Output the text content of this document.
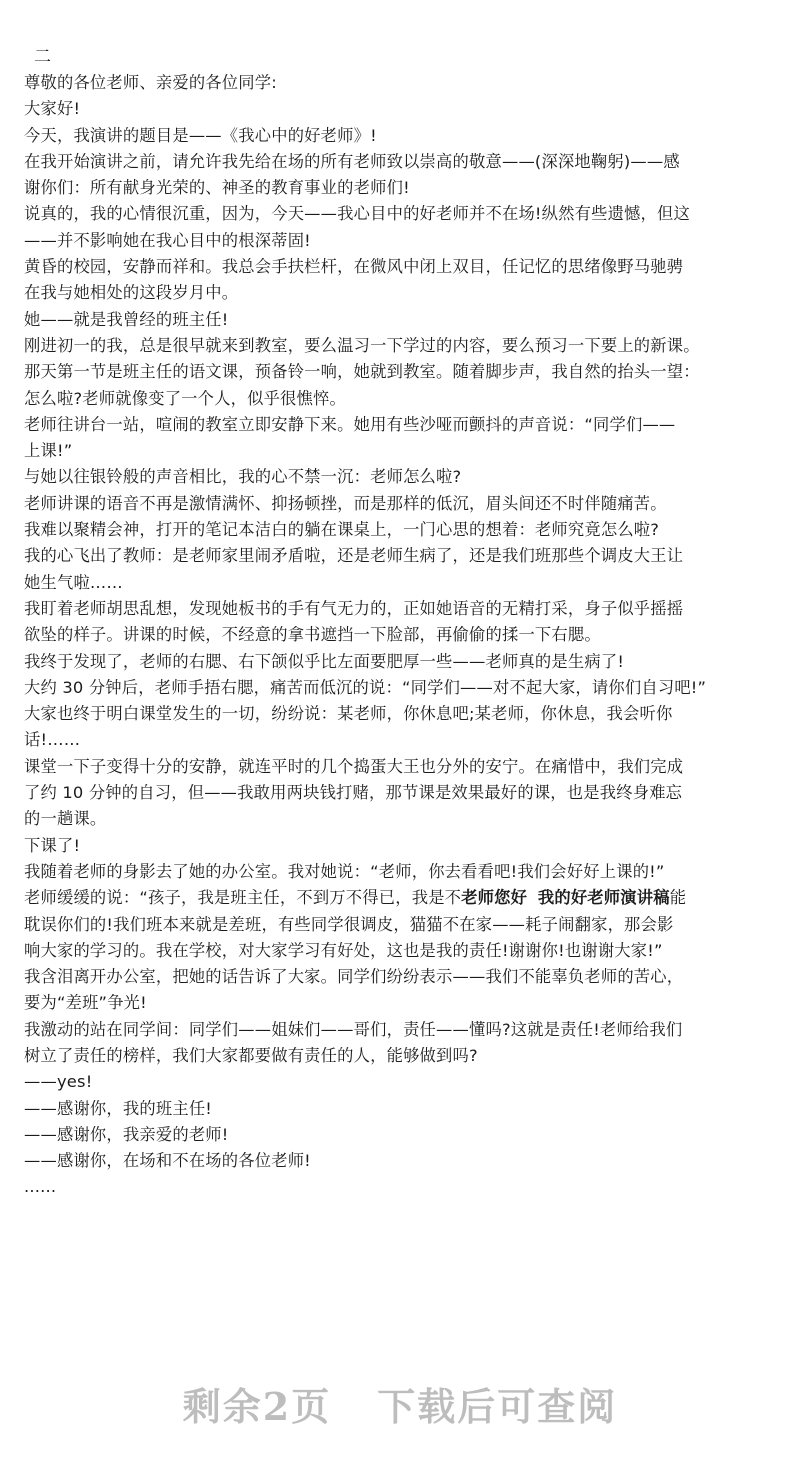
二
尊敬的各位老师、亲爱的各位同学:
大家好!
今天，我演讲的题目是——《我心中的好老师》!
在我开始演讲之前，请允许我先给在场的所有老师致以崇高的敬意——(深深地鞠躬)——感
谢你们：所有献身光荣的、神圣的教育事业的老师们!
说真的，我的心情很沉重，因为，今天——我心目中的好老师并不在场!纵然有些遗憾，但这
——并不影响她在我心目中的根深蒂固!
黄昏的校园，安静而祥和。我总会手扶栏杆，在微风中闭上双目，任记忆的思绪像野马驰骋
在我与她相处的这段岁月中。
她——就是我曾经的班主任!
刚进初一的我，总是很早就来到教室，要么温习一下学过的内容，要么预习一下要上的新课。
那天第一节是班主任的语文课，预备铃一响，她就到教室。随着脚步声，我自然的抬头一望：
怎么啦?老师就像变了一个人，似乎很憔悴。
老师往讲台一站，喧闹的教室立即安静下来。她用有些沙哑而颤抖的声音说：“同学们——
上课!”
与她以往银铃般的声音相比，我的心不禁一沉：老师怎么啦?
老师讲课的语音不再是激情满怀、抑扬顿挫，而是那样的低沉，眉头间还不时伴随痛苦。
我难以聚精会神，打开的笔记本洁白的躺在课桌上，一门心思的想着：老师究竟怎么啦?
我的心飞出了教师：是老师家里闹矛盾啦，还是老师生病了，还是我们班那些个调皮大王让
她生气啦……
我盯着老师胡思乱想，发现她板书的手有气无力的，正如她语音的无精打采，身子似乎摇摇
欲坠的样子。讲课的时候，不经意的拿书遮挡一下脸部，再偷偷的揉一下右腮。
我终于发现了，老师的右腮、右下颌似乎比左面要肥厚一些——老师真的是生病了!
大约 30 分钟后，老师手捂右腮，痛苦而低沉的说：“同学们——对不起大家，请你们自习吧!”
大家也终于明白课堂发生的一切，纷纷说：某老师，你休息吧;某老师，你休息，我会听你
话!……
课堂一下子变得十分的安静，就连平时的几个捣蛋大王也分外的安宁。在痛惜中，我们完成
了约 10 分钟的自习，但——我敢用两块钱打赌，那节课是效果最好的课，也是我终身难忘
的一趟课。
下课了!
我随着老师的身影去了她的办公室。我对她说：“老师，你去看看吧!我们会好好上课的!”
老师缓缓的说：“孩子，我是班主任，不到万不得已，我是不老师您好 我的好老师演讲稿能
耽误你们的!我们班本来就是差班，有些同学很调皮，猫猫不在家——耗子闹翻家，那会影
响大家的学习的。我在学校，对大家学习有好处，这也是我的责任!谢谢你!也谢谢大家!”
我含泪离开办公室，把她的话告诉了大家。同学们纷纷表示——我们不能辜负老师的苦心，
要为“差班”争光!
我激动的站在同学间：同学们——姐妹们——哥们，责任——懂吗?这就是责任!老师给我们
树立了责任的榜样，我们大家都要做有责任的人，能够做到吗?
——yes!
——感谢你，我的班主任!
——感谢你，我亲爱的老师!
——感谢你，在场和不在场的各位老师!
......
剩余2页 下载后可查阅
